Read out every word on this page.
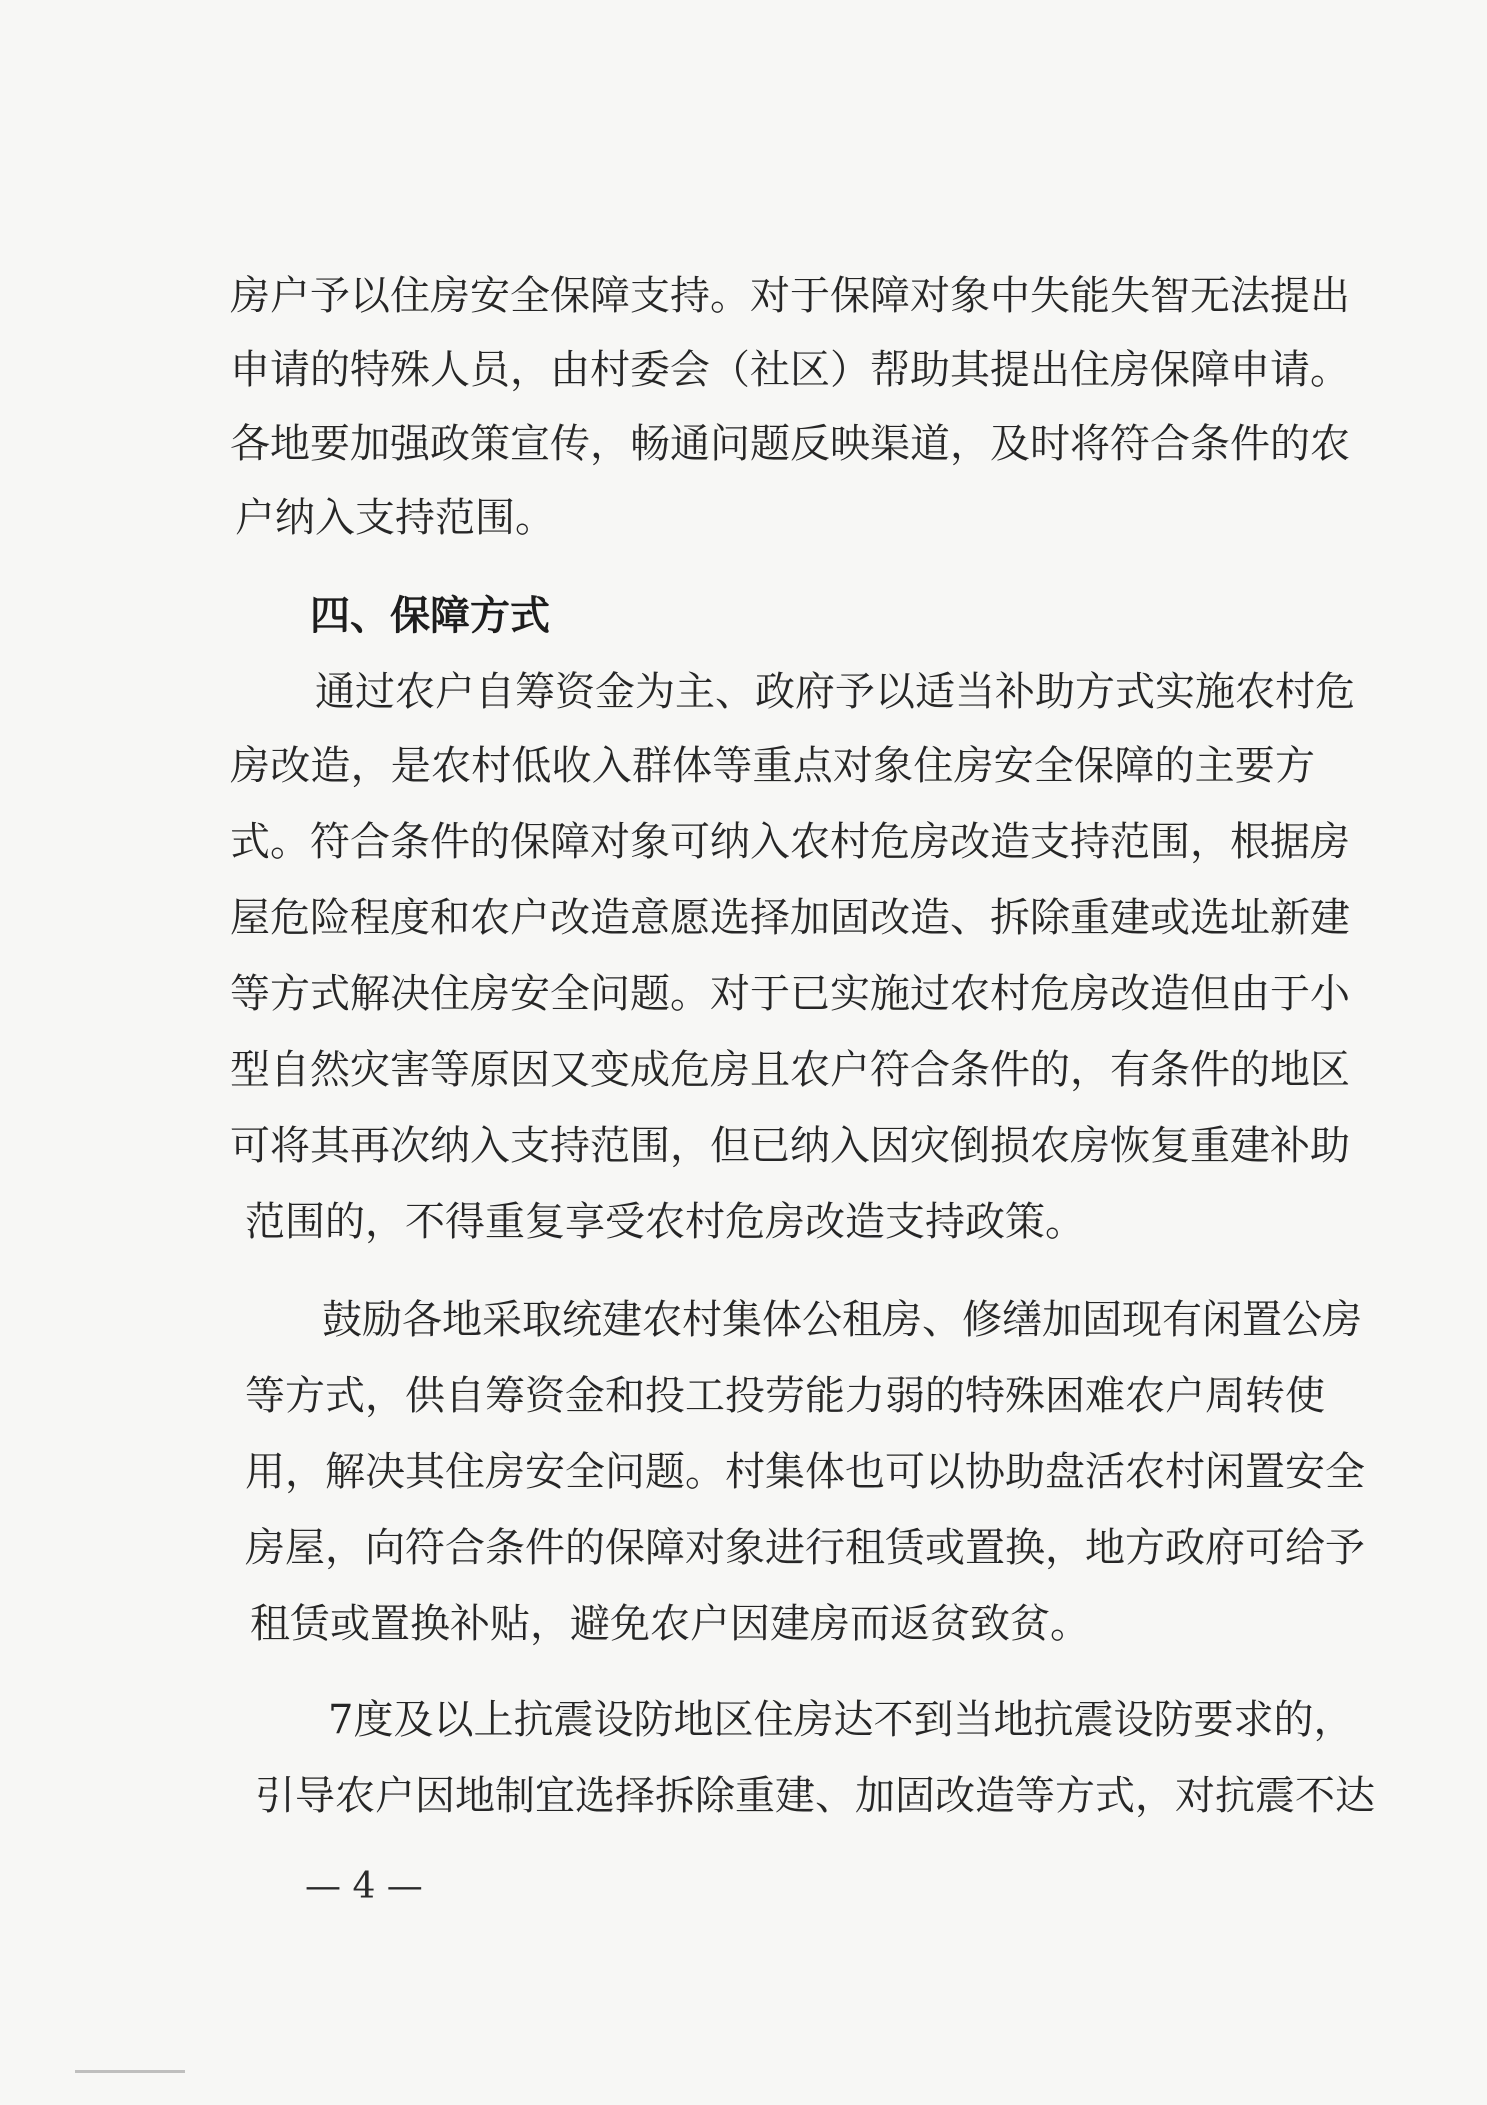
房户予以住房安全保障支持。对于保障对象中失能失智无法提出
申请的特殊人员，由村委会（社区）帮助其提出住房保障申请。
各地要加强政策宣传，畅通问题反映渠道，及时将符合条件的农
户纳入支持范围。
四、保障方式
通过农户自筹资金为主、政府予以适当补助方式实施农村危
房改造，是农村低收入群体等重点对象住房安全保障的主要方
式。符合条件的保障对象可纳入农村危房改造支持范围，根据房
屋危险程度和农户改造意愿选择加固改造、拆除重建或选址新建
等方式解决住房安全问题。对于已实施过农村危房改造但由于小
型自然灾害等原因又变成危房且农户符合条件的，有条件的地区
可将其再次纳入支持范围，但已纳入因灾倒损农房恢复重建补助
范围的，不得重复享受农村危房改造支持政策。
鼓励各地采取统建农村集体公租房、修缮加固现有闲置公房
等方式，供自筹资金和投工投劳能力弱的特殊困难农户周转使
用，解决其住房安全问题。村集体也可以协助盘活农村闲置安全
房屋，向符合条件的保障对象进行租赁或置换，地方政府可给予
租赁或置换补贴，避免农户因建房而返贫致贫。
7度及以上抗震设防地区住房达不到当地抗震设防要求的，
引导农户因地制宜选择拆除重建、加固改造等方式，对抗震不达
— 4 —
